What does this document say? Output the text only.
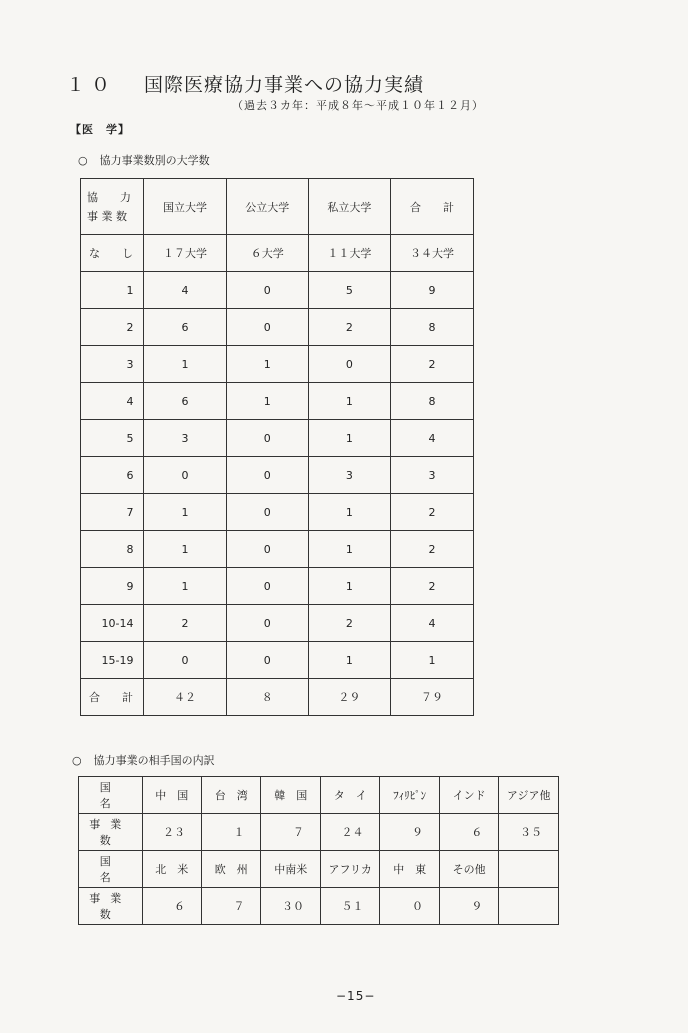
１０ 国際医療協力事業への協力実績
（過去３カ年：平成８年～平成１０年１２月）
【医　学】
○ 協力事業数別の大学数
協　　力
事 業 数	国立大学	公立大学	私立大学	合　　計

な　　し	１７大学	６大学	１１大学	３４大学
1	4	0	5	9
2	6	0	2	8
3	1	1	0	2
4	6	1	1	8
5	3	0	1	4
6	0	0	3	3
7	1	0	1	2
8	1	0	1	2
9	1	0	1	2
10-14	2	0	2	4
15-19	0	0	1	1

合　　計	４２	８	２９	７９
○ 協力事業の相手国の内訳
国　名	中　国	台　湾	韓　国	タ　イ	ﾌｨﾘﾋﾟﾝ	インド	アジア他
事業数	２３	１	７	２４	９	６	３５
国　名	北　米	欧　州	中南米	アフリカ	中　東	その他	
事業数	６	７	３０	５１	０	９	
−15−
